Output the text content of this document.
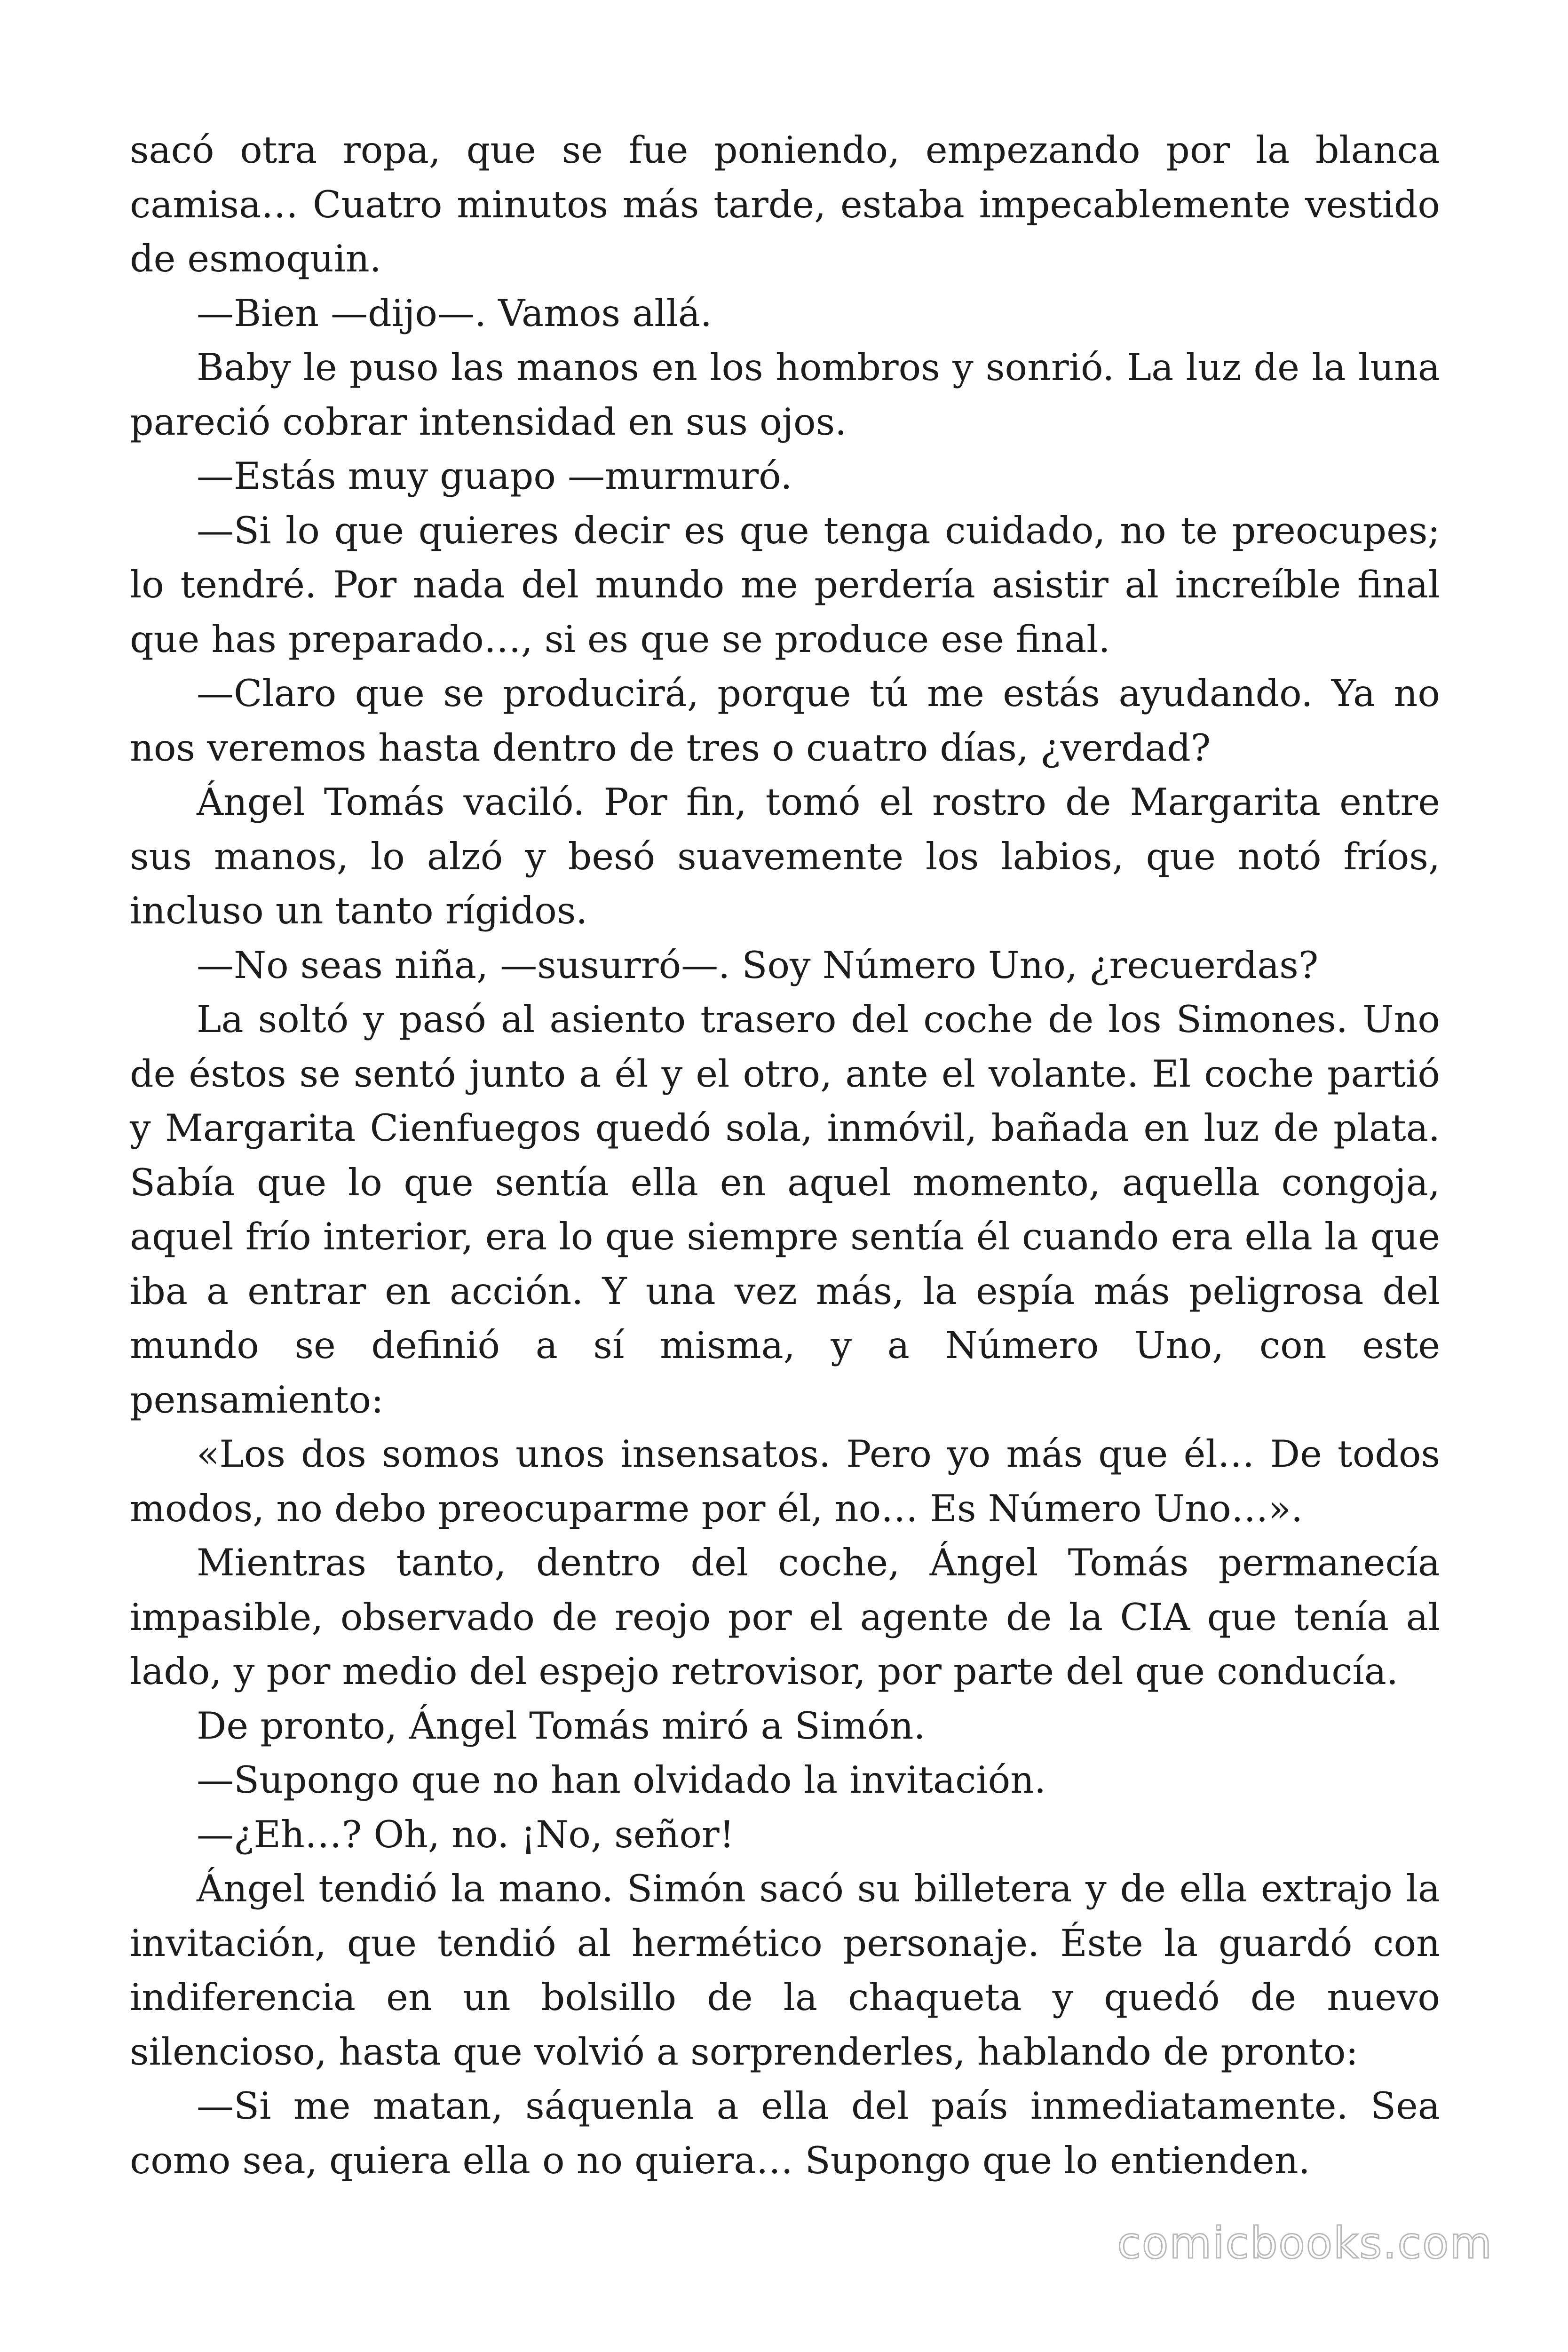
sacó otra ropa, que se fue poniendo, empezando por la blanca camisa… Cuatro minutos más tarde, estaba impecablemente vestido de esmoquin.

—Bien —dijo—. Vamos allá.

Baby le puso las manos en los hombros y sonrió. La luz de la luna pareció cobrar intensidad en sus ojos.

—Estás muy guapo —murmuró.

—Si lo que quieres decir es que tenga cuidado, no te preocupes; lo tendré. Por nada del mundo me perdería asistir al increíble final que has preparado…, si es que se produce ese final.

—Claro que se producirá, porque tú me estás ayudando. Ya no nos veremos hasta dentro de tres o cuatro días, ¿verdad?

Ángel Tomás vaciló. Por fin, tomó el rostro de Margarita entre sus manos, lo alzó y besó suavemente los labios, que notó fríos, incluso un tanto rígidos.

—No seas niña, —susurró—. Soy Número Uno, ¿recuerdas?

La soltó y pasó al asiento trasero del coche de los Simones. Uno de éstos se sentó junto a él y el otro, ante el volante. El coche partió y Margarita Cienfuegos quedó sola, inmóvil, bañada en luz de plata. Sabía que lo que sentía ella en aquel momento, aquella congoja, aquel frío interior, era lo que siempre sentía él cuando era ella la que iba a entrar en acción. Y una vez más, la espía más peligrosa del mundo se definió a sí misma, y a Número Uno, con este pensamiento:

«Los dos somos unos insensatos. Pero yo más que él… De todos modos, no debo preocuparme por él, no… Es Número Uno…».

Mientras tanto, dentro del coche, Ángel Tomás permanecía impasible, observado de reojo por el agente de la CIA que tenía al lado, y por medio del espejo retrovisor, por parte del que conducía.

De pronto, Ángel Tomás miró a Simón.

—Supongo que no han olvidado la invitación.

—¿Eh…? Oh, no. ¡No, señor!

Ángel tendió la mano. Simón sacó su billetera y de ella extrajo la invitación, que tendió al hermético personaje. Éste la guardó con indiferencia en un bolsillo de la chaqueta y quedó de nuevo silencioso, hasta que volvió a sorprenderles, hablando de pronto:

—Si me matan, sáquenla a ella del país inmediatamente. Sea como sea, quiera ella o no quiera… Supongo que lo entienden.

comicbooks.com
